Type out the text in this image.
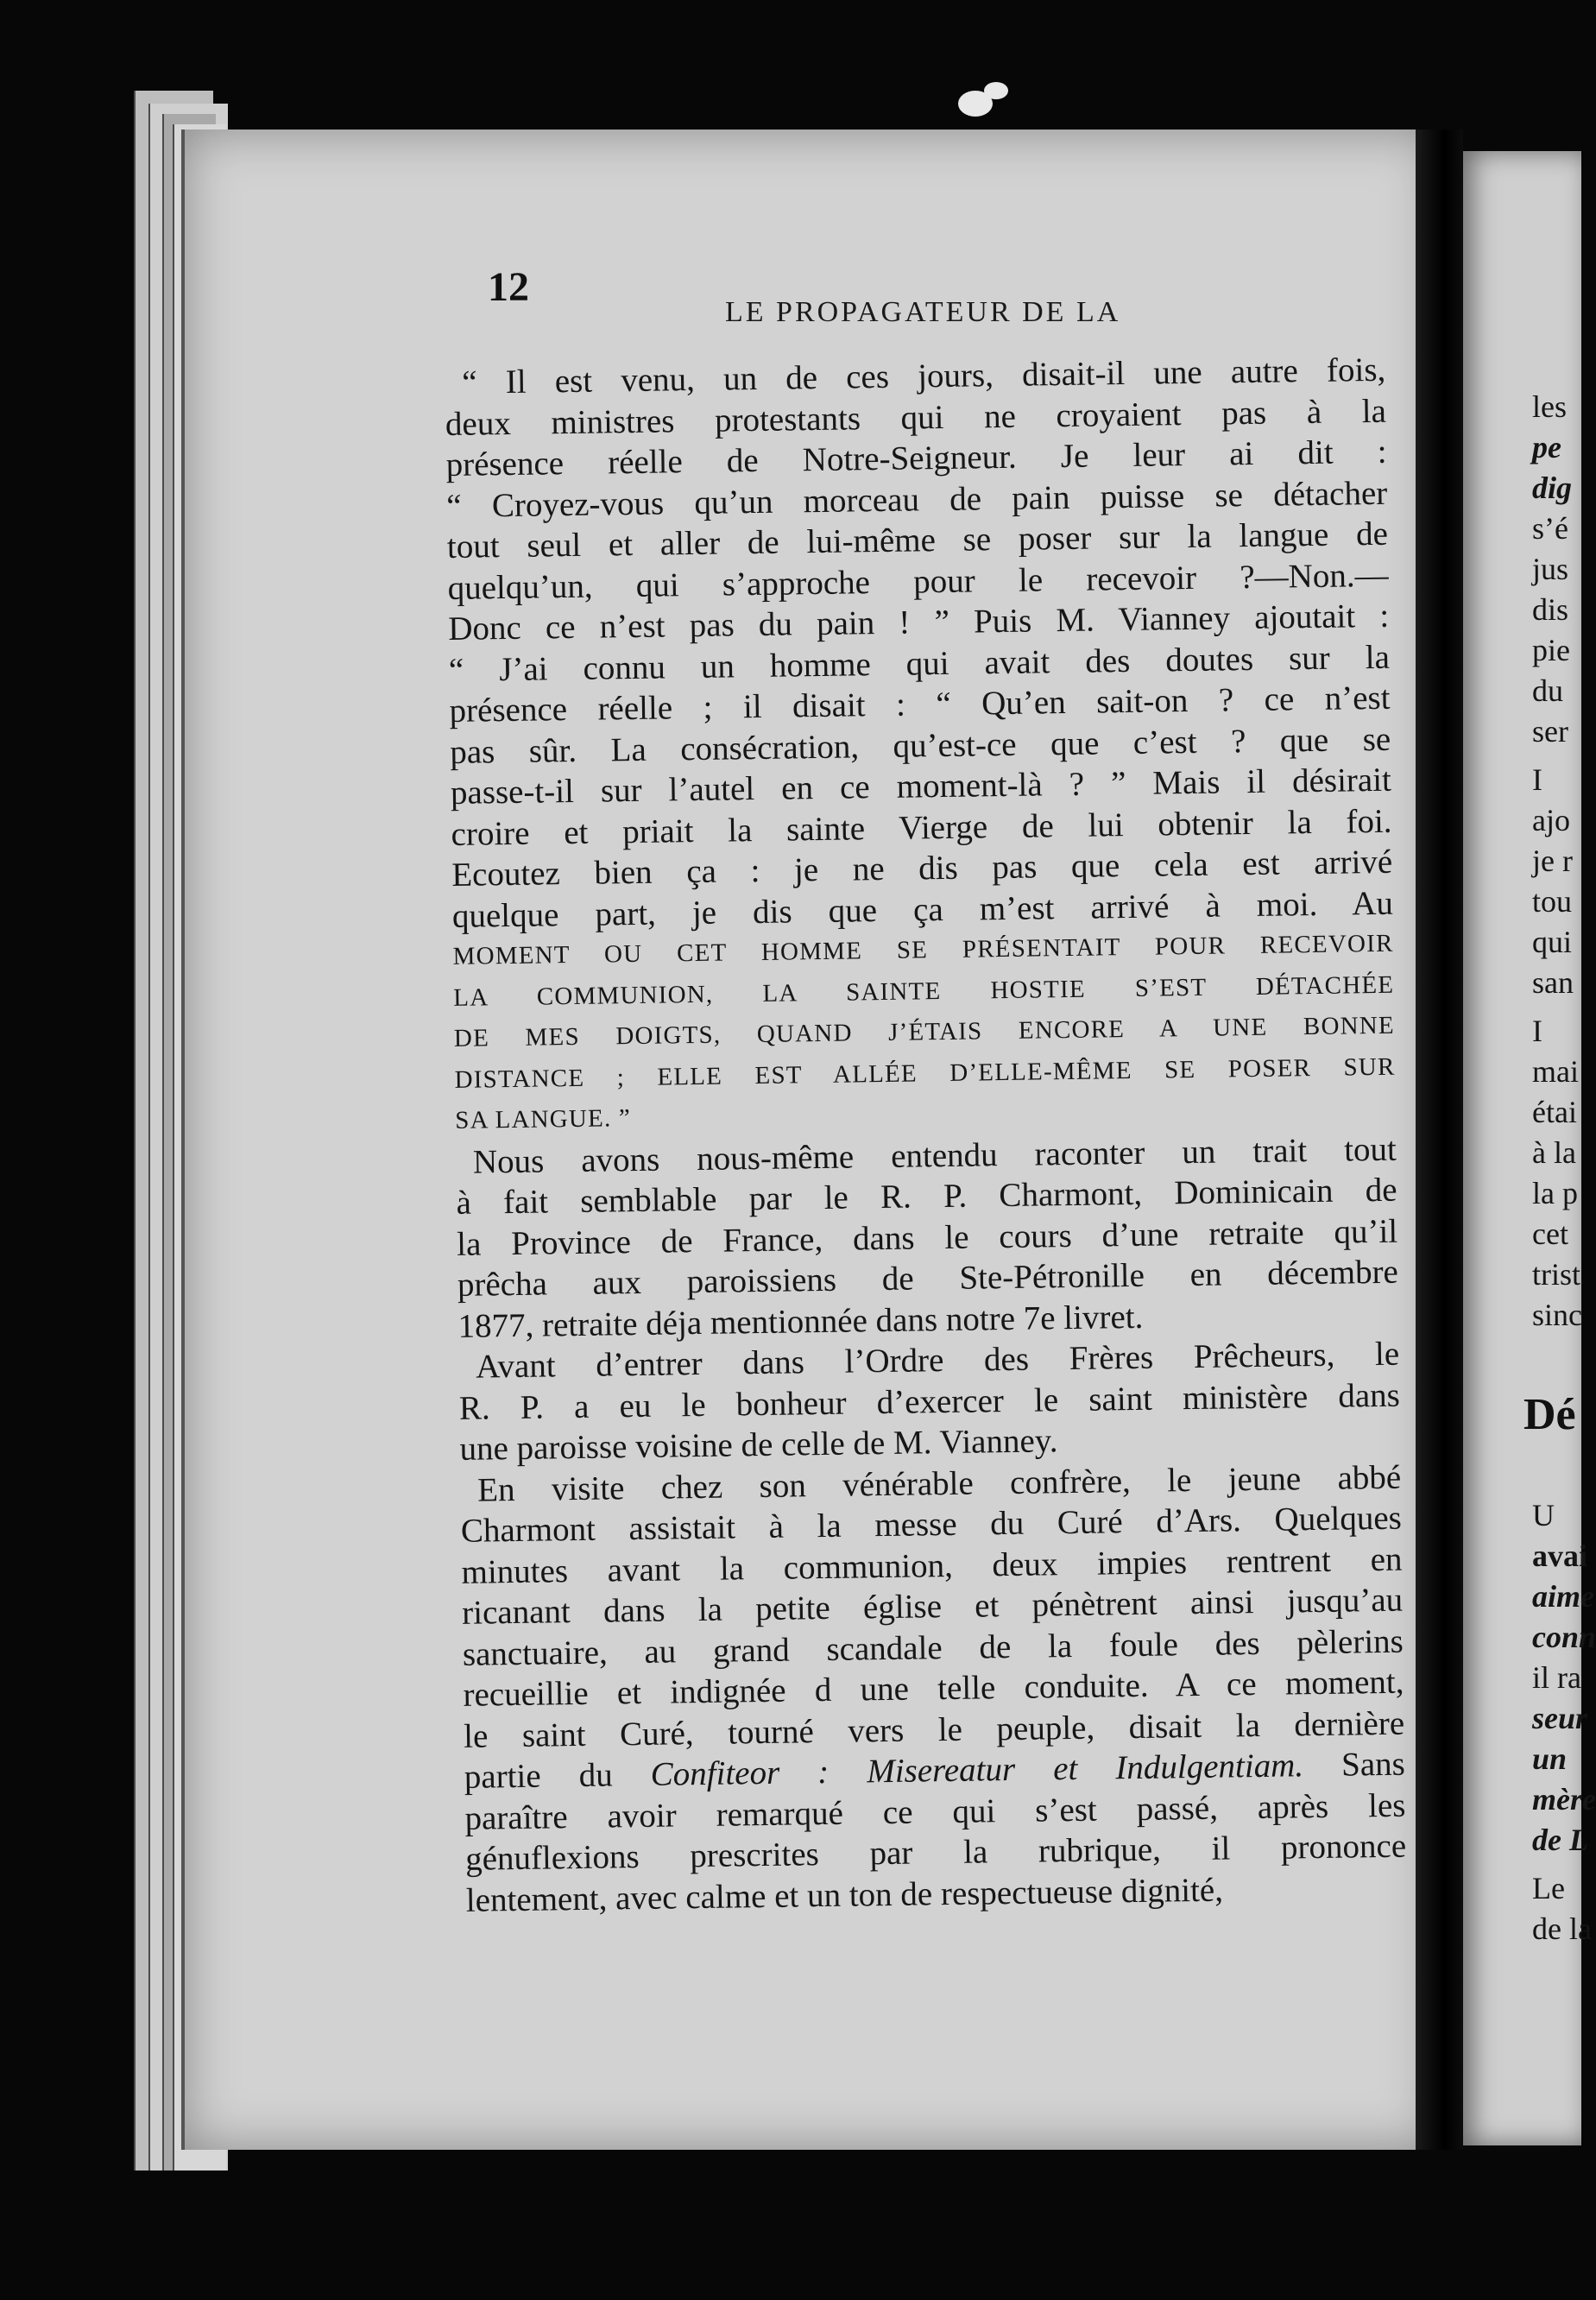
les
pe
dig
s’é
jus
dis
pie
du
ser
I
ajo
je r
tou
qui
san
I
mai
étai
à la
la p
cet
trist
sinc
Dé
U
avai
aime
conn
il ra
seur
un
mère
de L
Le
de la
12
LE PROPAGATEUR DE LA
“ Il est venu, un de ces jours, disait-il une autre fois,
deux ministres protestants qui ne croyaient pas à la
présence réelle de Notre-Seigneur. Je leur ai dit :
“ Croyez-vous qu’un morceau de pain puisse se détacher
tout seul et aller de lui-même se poser sur la langue de
quelqu’un, qui s’approche pour le recevoir ?—Non.—
Donc ce n’est pas du pain ! ” Puis M. Vianney ajoutait :
“ J’ai connu un homme qui avait des doutes sur la
présence réelle ; il disait : “ Qu’en sait-on ? ce n’est
pas sûr. La consécration, qu’est-ce que c’est ? que se
passe-t-il sur l’autel en ce moment-là ? ” Mais il désirait
croire et priait la sainte Vierge de lui obtenir la foi.
Ecoutez bien ça : je ne dis pas que cela est arrivé
quelque part, je dis que ça m’est arrivé à moi. Au
MOMENT OU CET HOMME SE PRÉSENTAIT POUR RECEVOIR
LA COMMUNION, LA SAINTE HOSTIE S’EST DÉTACHÉE
DE MES DOIGTS, QUAND J’ÉTAIS ENCORE A UNE BONNE
DISTANCE ; ELLE EST ALLÉE D’ELLE-MÊME SE POSER SUR
SA LANGUE. ”
Nous avons nous-même entendu raconter un trait tout
à fait semblable par le R. P. Charmont, Dominicain de
la Province de France, dans le cours d’une retraite qu’il
prêcha aux paroissiens de Ste-Pétronille en décembre
1877, retraite déja mentionnée dans notre 7e livret.
Avant d’entrer dans l’Ordre des Frères Prêcheurs, le
R. P. a eu le bonheur d’exercer le saint ministère dans
une paroisse voisine de celle de M. Vianney.
En visite chez son vénérable confrère, le jeune abbé
Charmont assistait à la messe du Curé d’Ars. Quelques
minutes avant la communion, deux impies rentrent en
ricanant dans la petite église et pénètrent ainsi jusqu’au
sanctuaire, au grand scandale de la foule des pèlerins
recueillie et indignée d une telle conduite. A ce moment,
le saint Curé, tourné vers le peuple, disait la dernière
partie du Confiteor : Misereatur et Indulgentiam. Sans
paraître avoir remarqué ce qui s’est passé, après les
génuflexions prescrites par la rubrique, il prononce
lentement, avec calme et un ton de respectueuse dignité,
